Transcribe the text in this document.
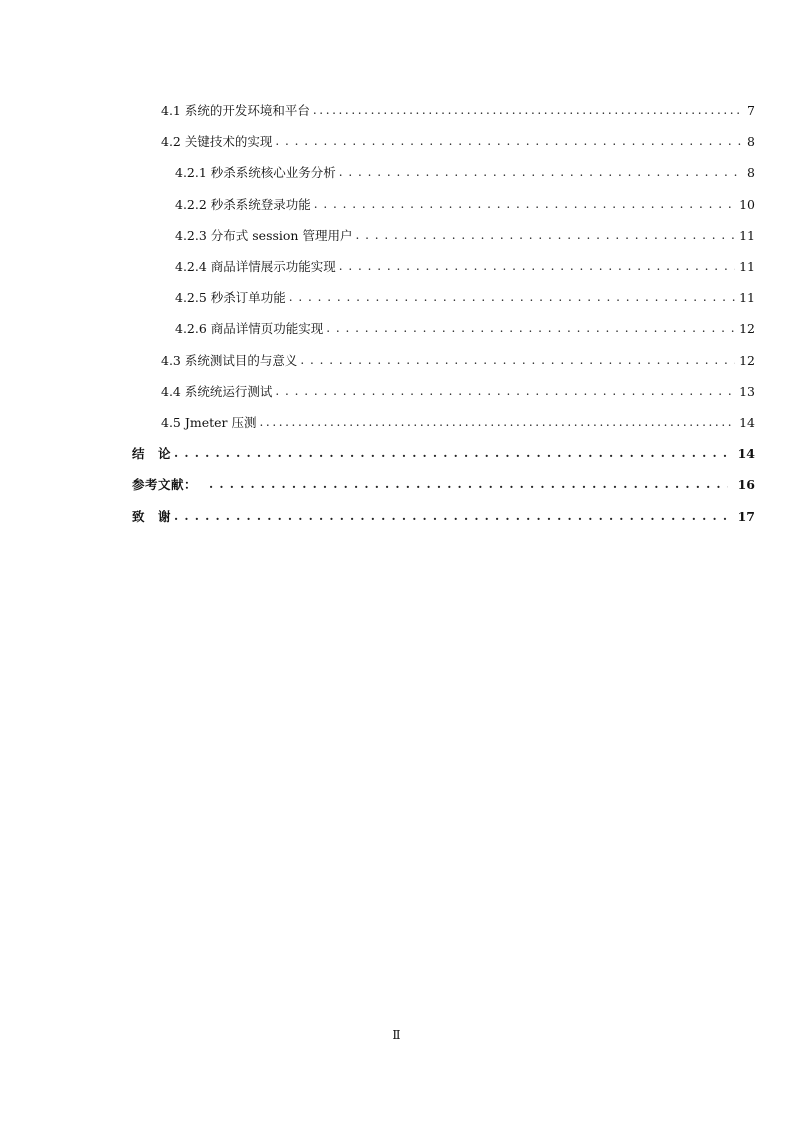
4.1 系统的开发环境和平台 .....	7
4.2 关键技术的实现 . . .	8
4.2.1 秒杀系统核心业务分析 . . .	8
4.2.2 秒杀系统登录功能 . . .	10
4.2.3 分布式 session 管理用户 . . .	11
4.2.4 商品详情展示功能实现 . . .	11
4.2.5 秒杀订单功能 . . .	11
4.2.6 商品详情页功能实现 . . .	12
4.3 系统测试目的与意义 . . .	12
4.4 系统统运行测试 . . .	13
4.5 Jmeter 压测 .....	14
结　论 . . .	14
参考文献： . . .	16
致　谢 . . .	17
Ⅱ
